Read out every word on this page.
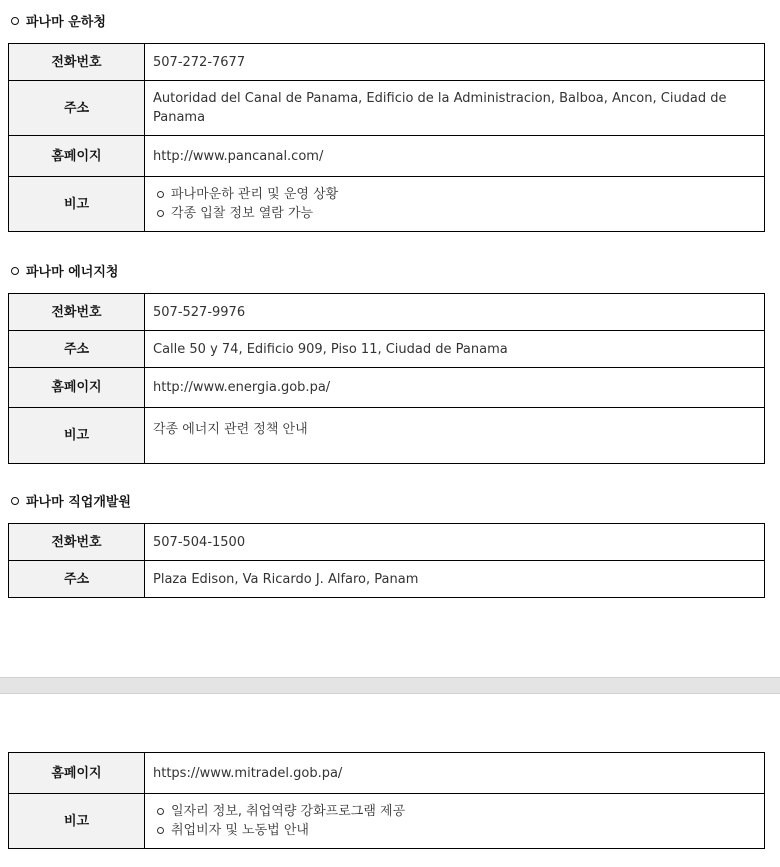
파나마 운하청
전화번호	507-272-7677
주소	Autoridad del Canal de Panama, Edificio de la Administracion, Balboa, Ancon, Ciudad de Panama
홈페이지	http://www.pancanal.com/
비고	파나마운하 관리 및 운영 상황
각종 입찰 정보 열람 가능
파나마 에너지청
전화번호	507-527-9976
주소	Calle 50 y 74, Edificio 909, Piso 11, Ciudad de Panama
홈페이지	http://www.energia.gob.pa/
비고	각종 에너지 관련 정책 안내
파나마 직업개발원
전화번호	507-504-1500
주소	Plaza Edison, Va Ricardo J. Alfaro, Panam
홈페이지	https://www.mitradel.gob.pa/
비고	일자리 정보, 취업역량 강화프로그램 제공
취업비자 및 노동법 안내
